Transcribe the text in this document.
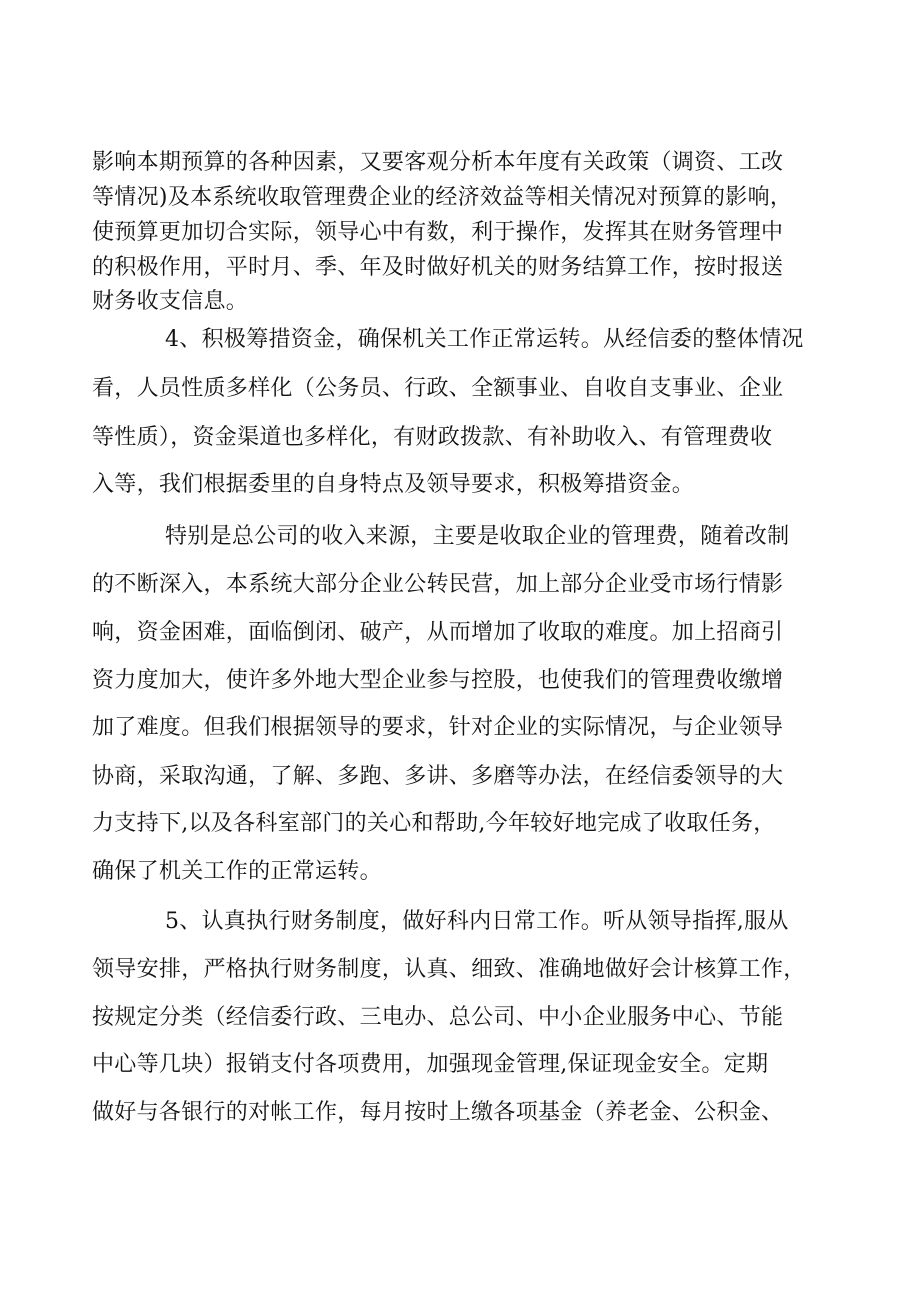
影响本期预算的各种因素，又要客观分析本年度有关政策（调资、工改
等情况)及本系统收取管理费企业的经济效益等相关情况对预算的影响，
使预算更加切合实际，领导心中有数，利于操作，发挥其在财务管理中
的积极作用，平时月、季、年及时做好机关的财务结算工作，按时报送
财务收支信息。
4、积极筹措资金，确保机关工作正常运转。从经信委的整体情况
看，人员性质多样化（公务员、行政、全额事业、自收自支事业、企业
等性质），资金渠道也多样化，有财政拨款、有补助收入、有管理费收
入等，我们根据委里的自身特点及领导要求，积极筹措资金。
特别是总公司的收入来源，主要是收取企业的管理费，随着改制
的不断深入，本系统大部分企业公转民营，加上部分企业受市场行情影
响，资金困难，面临倒闭、破产，从而增加了收取的难度。加上招商引
资力度加大，使许多外地大型企业参与控股，也使我们的管理费收缴增
加了难度。但我们根据领导的要求，针对企业的实际情况，与企业领导
协商，采取沟通，了解、多跑、多讲、多磨等办法，在经信委领导的大
力支持下,以及各科室部门的关心和帮助,今年较好地完成了收取任务，
确保了机关工作的正常运转。
5、认真执行财务制度，做好科内日常工作。听从领导指挥,服从
领导安排，严格执行财务制度，认真、细致、准确地做好会计核算工作，
按规定分类（经信委行政、三电办、总公司、中小企业服务中心、节能
中心等几块）报销支付各项费用，加强现金管理,保证现金安全。定期
做好与各银行的对帐工作，每月按时上缴各项基金（养老金、公积金、
